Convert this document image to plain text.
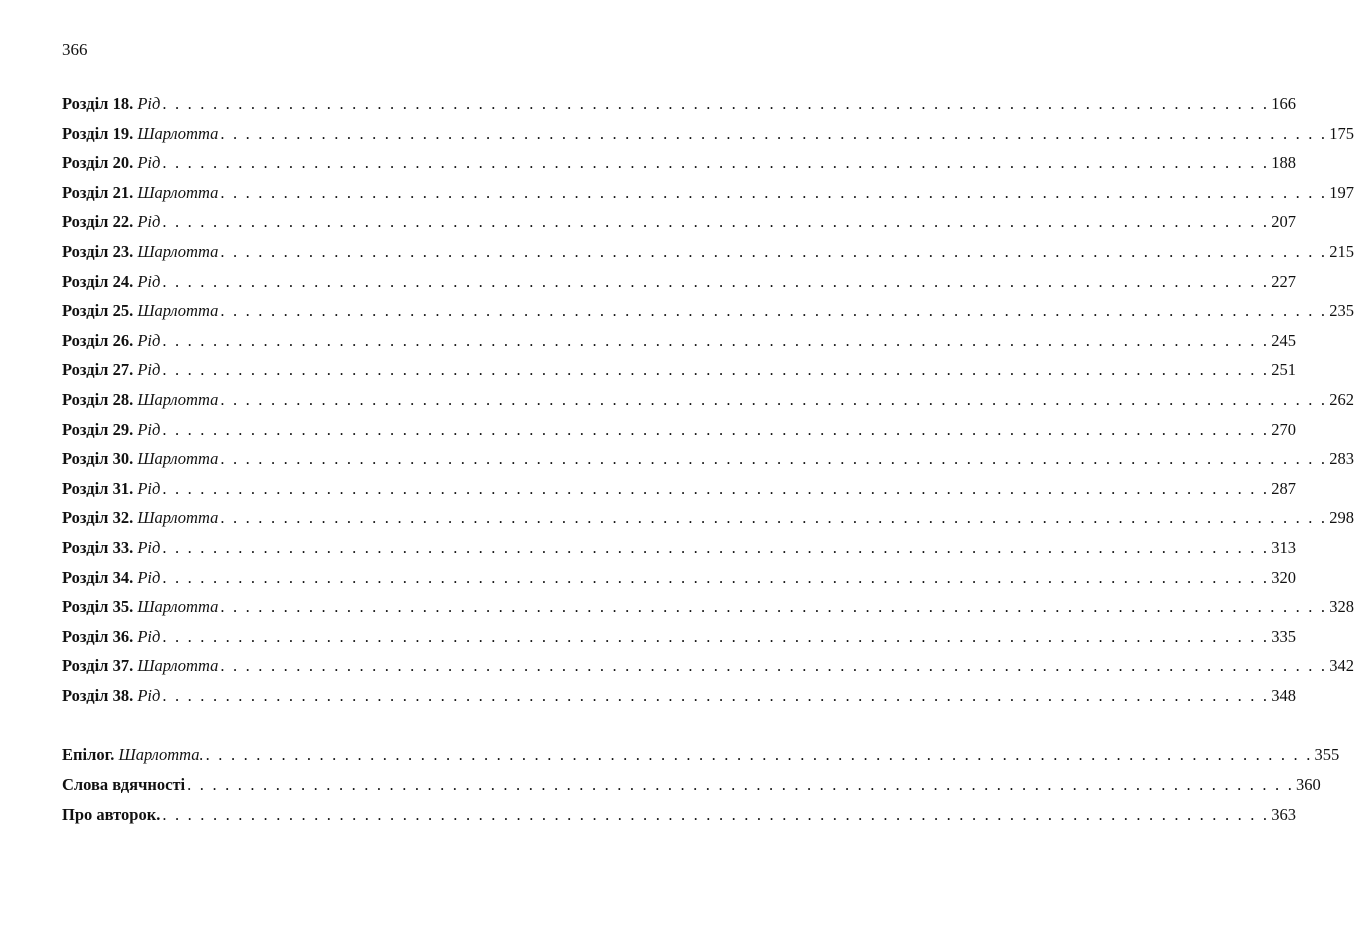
366
Розділ 18.
Рід . . . . . . . . . . . . . . . . . . . . . . . . . . . . . . . . . . . . . . . . . . . . . . . . . . . . . . . . . . . . . . . . . . . . . . . . . . . . . . . . . . . . . . . . 166
Розділ 19.
Шарлотта . . . . . . . . . . . . . . . . . . . . . . . . . . . . . . . . . . . . . . . . . . . . . . . . . . . . . . . . . . . . . . . . . . . . . . . . . . . . . . . . . . . . . . . . 175
Розділ 20.
Рід . . . . . . . . . . . . . . . . . . . . . . . . . . . . . . . . . . . . . . . . . . . . . . . . . . . . . . . . . . . . . . . . . . . . . . . . . . . . . . . . . . . . . . . . 188
Розділ 21.
Шарлотта . . . . . . . . . . . . . . . . . . . . . . . . . . . . . . . . . . . . . . . . . . . . . . . . . . . . . . . . . . . . . . . . . . . . . . . . . . . . . . . . . . . . . . . . 197
Розділ 22.
Рід . . . . . . . . . . . . . . . . . . . . . . . . . . . . . . . . . . . . . . . . . . . . . . . . . . . . . . . . . . . . . . . . . . . . . . . . . . . . . . . . . . . . . . . . 207
Розділ 23.
Шарлотта . . . . . . . . . . . . . . . . . . . . . . . . . . . . . . . . . . . . . . . . . . . . . . . . . . . . . . . . . . . . . . . . . . . . . . . . . . . . . . . . . . . . . . . . 215
Розділ 24.
Рід . . . . . . . . . . . . . . . . . . . . . . . . . . . . . . . . . . . . . . . . . . . . . . . . . . . . . . . . . . . . . . . . . . . . . . . . . . . . . . . . . . . . . . . . 227
Розділ 25.
Шарлотта . . . . . . . . . . . . . . . . . . . . . . . . . . . . . . . . . . . . . . . . . . . . . . . . . . . . . . . . . . . . . . . . . . . . . . . . . . . . . . . . . . . . . . . . 235
Розділ 26.
Рід . . . . . . . . . . . . . . . . . . . . . . . . . . . . . . . . . . . . . . . . . . . . . . . . . . . . . . . . . . . . . . . . . . . . . . . . . . . . . . . . . . . . . . . . 245
Розділ 27.
Рід . . . . . . . . . . . . . . . . . . . . . . . . . . . . . . . . . . . . . . . . . . . . . . . . . . . . . . . . . . . . . . . . . . . . . . . . . . . . . . . . . . . . . . . . 251
Розділ 28.
Шарлотта . . . . . . . . . . . . . . . . . . . . . . . . . . . . . . . . . . . . . . . . . . . . . . . . . . . . . . . . . . . . . . . . . . . . . . . . . . . . . . . . . . . . . . . . 262
Розділ 29.
Рід . . . . . . . . . . . . . . . . . . . . . . . . . . . . . . . . . . . . . . . . . . . . . . . . . . . . . . . . . . . . . . . . . . . . . . . . . . . . . . . . . . . . . . . . 270
Розділ 30.
Шарлотта . . . . . . . . . . . . . . . . . . . . . . . . . . . . . . . . . . . . . . . . . . . . . . . . . . . . . . . . . . . . . . . . . . . . . . . . . . . . . . . . . . . . . . . . 283
Розділ 31.
Рід . . . . . . . . . . . . . . . . . . . . . . . . . . . . . . . . . . . . . . . . . . . . . . . . . . . . . . . . . . . . . . . . . . . . . . . . . . . . . . . . . . . . . . . . 287
Розділ 32.
Шарлотта . . . . . . . . . . . . . . . . . . . . . . . . . . . . . . . . . . . . . . . . . . . . . . . . . . . . . . . . . . . . . . . . . . . . . . . . . . . . . . . . . . . . . . . . 298
Розділ 33.
Рід . . . . . . . . . . . . . . . . . . . . . . . . . . . . . . . . . . . . . . . . . . . . . . . . . . . . . . . . . . . . . . . . . . . . . . . . . . . . . . . . . . . . . . . . 313
Розділ 34.
Рід . . . . . . . . . . . . . . . . . . . . . . . . . . . . . . . . . . . . . . . . . . . . . . . . . . . . . . . . . . . . . . . . . . . . . . . . . . . . . . . . . . . . . . . . 320
Розділ 35.
Шарлотта . . . . . . . . . . . . . . . . . . . . . . . . . . . . . . . . . . . . . . . . . . . . . . . . . . . . . . . . . . . . . . . . . . . . . . . . . . . . . . . . . . . . . . . . 328
Розділ 36.
Рід . . . . . . . . . . . . . . . . . . . . . . . . . . . . . . . . . . . . . . . . . . . . . . . . . . . . . . . . . . . . . . . . . . . . . . . . . . . . . . . . . . . . . . . . 335
Розділ 37.
Шарлотта . . . . . . . . . . . . . . . . . . . . . . . . . . . . . . . . . . . . . . . . . . . . . . . . . . . . . . . . . . . . . . . . . . . . . . . . . . . . . . . . . . . . . . . . 342
Розділ 38.
Рід . . . . . . . . . . . . . . . . . . . . . . . . . . . . . . . . . . . . . . . . . . . . . . . . . . . . . . . . . . . . . . . . . . . . . . . . . . . . . . . . . . . . . . . . 348
Епілог.
Шарлотта. . . . . . . . . . . . . . . . . . . . . . . . . . . . . . . . . . . . . . . . . . . . . . . . . . . . . . . . . . . . . . . . . . . . . . . . . . . . . . . . . . . . . . . . . 355
Слова вдячності . . . . . . . . . . . . . . . . . . . . . . . . . . . . . . . . . . . . . . . . . . . . . . . . . . . . . . . . . . . . . . . . . . . . . . . . . . . . . . . . . . . . . . . . 360
Про авторок. . . . . . . . . . . . . . . . . . . . . . . . . . . . . . . . . . . . . . . . . . . . . . . . . . . . . . . . . . . . . . . . . . . . . . . . . . . . . . . . . . . . . . . . . 363
